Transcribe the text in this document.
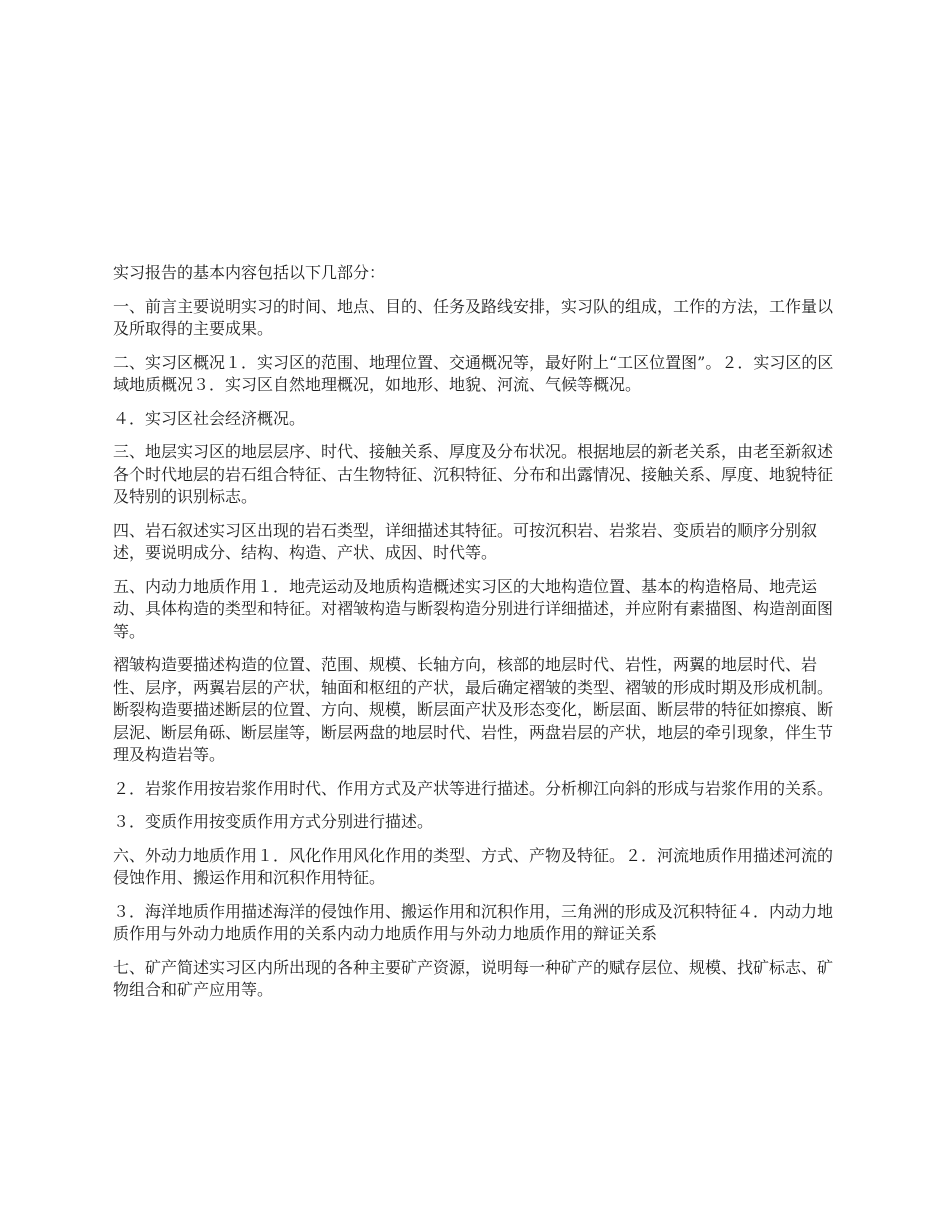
实习报告的基本内容包括以下几部分：

一、前言主要说明实习的时间、地点、目的、任务及路线安排，实习队的组成，工作的方法，工作量以及所取得的主要成果。

二、实习区概况１．实习区的范围、地理位置、交通概况等，最好附上“工区位置图”。２．实习区的区域地质概况３．实习区自然地理概况，如地形、地貌、河流、气候等概况。

４．实习区社会经济概况。

三、地层实习区的地层层序、时代、接触关系、厚度及分布状况。根据地层的新老关系，由老至新叙述各个时代地层的岩石组合特征、古生物特征、沉积特征、分布和出露情况、接触关系、厚度、地貌特征及特别的识别标志。

四、岩石叙述实习区出现的岩石类型，详细描述其特征。可按沉积岩、岩浆岩、变质岩的顺序分别叙述，要说明成分、结构、构造、产状、成因、时代等。

五、内动力地质作用１．地壳运动及地质构造概述实习区的大地构造位置、基本的构造格局、地壳运动、具体构造的类型和特征。对褶皱构造与断裂构造分别进行详细描述，并应附有素描图、构造剖面图等。

褶皱构造要描述构造的位置、范围、规模、长轴方向，核部的地层时代、岩性，两翼的地层时代、岩性、层序，两翼岩层的产状，轴面和枢纽的产状，最后确定褶皱的类型、褶皱的形成时期及形成机制。断裂构造要描述断层的位置、方向、规模，断层面产状及形态变化，断层面、断层带的特征如擦痕、断层泥、断层角砾、断层崖等，断层两盘的地层时代、岩性，两盘岩层的产状，地层的牵引现象，伴生节理及构造岩等。

２．岩浆作用按岩浆作用时代、作用方式及产状等进行描述。分析柳江向斜的形成与岩浆作用的关系。

３．变质作用按变质作用方式分别进行描述。

六、外动力地质作用１．风化作用风化作用的类型、方式、产物及特征。２．河流地质作用描述河流的侵蚀作用、搬运作用和沉积作用特征。

３．海洋地质作用描述海洋的侵蚀作用、搬运作用和沉积作用，三角洲的形成及沉积特征４．内动力地质作用与外动力地质作用的关系内动力地质作用与外动力地质作用的辩证关系

七、矿产简述实习区内所出现的各种主要矿产资源，说明每一种矿产的赋存层位、规模、找矿标志、矿物组合和矿产应用等。
